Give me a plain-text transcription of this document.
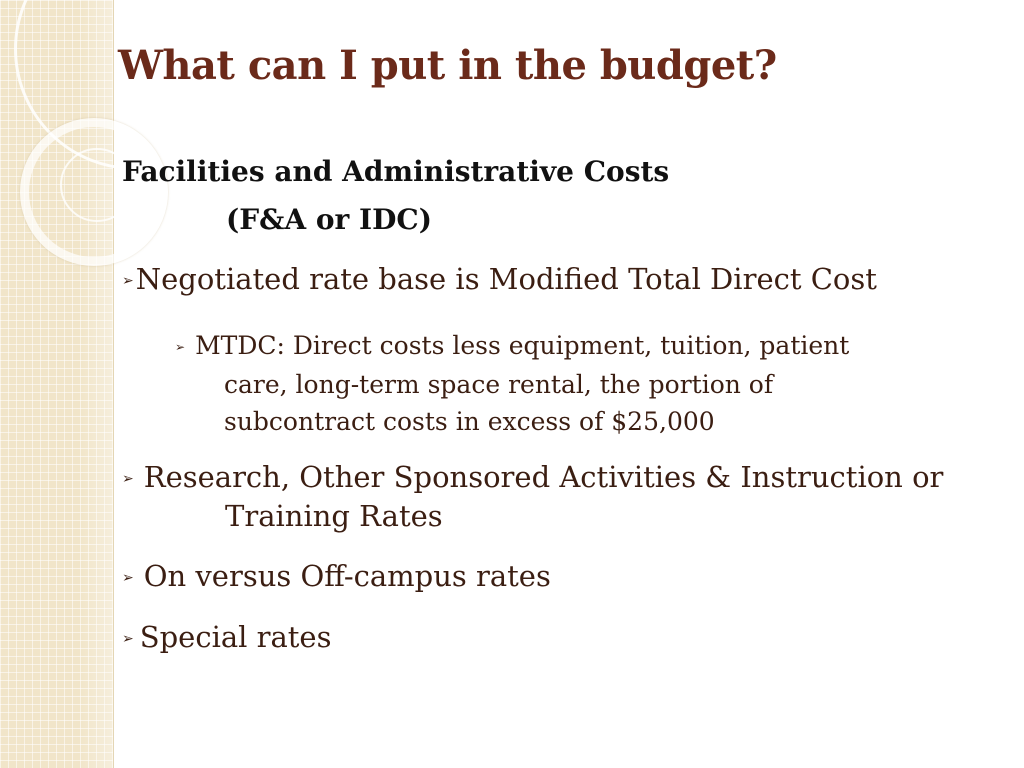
What can I put in the budget?
Facilities and Administrative Costs
(F&A or IDC)
➢Negotiated rate base is Modified Total Direct Cost
➢ MTDC: Direct costs less equipment, tuition, patient
care, long-term space rental, the portion of
subcontract costs in excess of $25,000
➢ Research, Other Sponsored Activities & Instruction or
Training Rates
➢ On versus Off-campus rates
➢ Special rates
